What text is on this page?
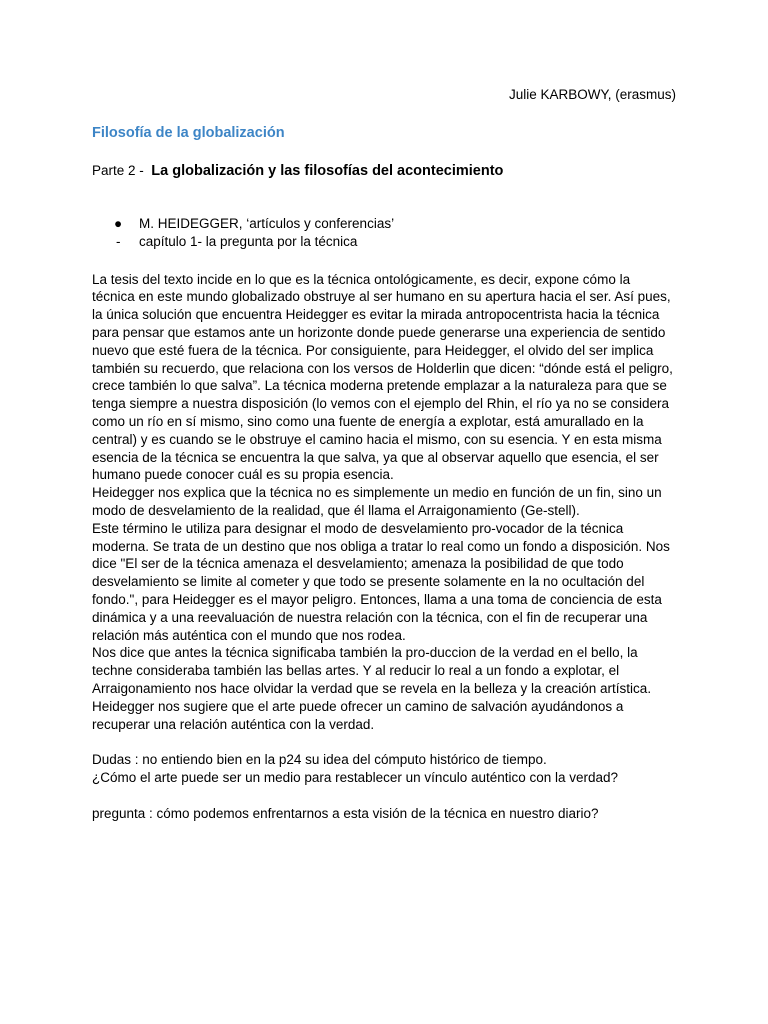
Julie KARBOWY, (erasmus)
Filosofía de la globalización
Parte 2 - La globalización y las filosofías del acontecimiento
● M. HEIDEGGER, ‘artículos y conferencias’
- capítulo 1- la pregunta por la técnica
La tesis del texto incide en lo que es la técnica ontológicamente, es decir, expone cómo la técnica en este mundo globalizado obstruye al ser humano en su apertura hacia el ser. Así pues, la única solución que encuentra Heidegger es evitar la mirada antropocentrista hacia la técnica para pensar que estamos ante un horizonte donde puede generarse una experiencia de sentido nuevo que esté fuera de la técnica. Por consiguiente, para Heidegger, el olvido del ser implica también su recuerdo, que relaciona con los versos de Holderlin que dicen: “dónde está el peligro, crece también lo que salva”. La técnica moderna pretende emplazar a la naturaleza para que se tenga siempre a nuestra disposición (lo vemos con el ejemplo del Rhin, el río ya no se considera como un río en sí mismo, sino como una fuente de energía a explotar, está amurallado en la central) y es cuando se le obstruye el camino hacia el mismo, con su esencia. Y en esta misma esencia de la técnica se encuentra la que salva, ya que al observar aquello que esencia, el ser humano puede conocer cuál es su propia esencia.
Heidegger nos explica que la técnica no es simplemente un medio en función de un fin, sino un modo de desvelamiento de la realidad, que él llama el Arraigonamiento (Ge-stell).
Este término le utiliza para designar el modo de desvelamiento pro-vocador de la técnica moderna. Se trata de un destino que nos obliga a tratar lo real como un fondo a disposición. Nos dice "El ser de la técnica amenaza el desvelamiento; amenaza la posibilidad de que todo desvelamiento se limite al cometer y que todo se presente solamente en la no ocultación del fondo.", para Heidegger es el mayor peligro. Entonces, llama a una toma de conciencia de esta dinámica y a una reevaluación de nuestra relación con la técnica, con el fin de recuperar una relación más auténtica con el mundo que nos rodea.
Nos dice que antes la técnica significaba también la pro-duccion de la verdad en el bello, la techne consideraba también las bellas artes. Y al reducir lo real a un fondo a explotar, el Arraigonamiento nos hace olvidar la verdad que se revela en la belleza y la creación artística. Heidegger nos sugiere que el arte puede ofrecer un camino de salvación ayudándonos a recuperar una relación auténtica con la verdad.
Dudas : no entiendo bien en la p24 su idea del cómputo histórico de tiempo.
¿Cómo el arte puede ser un medio para restablecer un vínculo auténtico con la verdad?
pregunta : cómo podemos enfrentarnos a esta visión de la técnica en nuestro diario?
